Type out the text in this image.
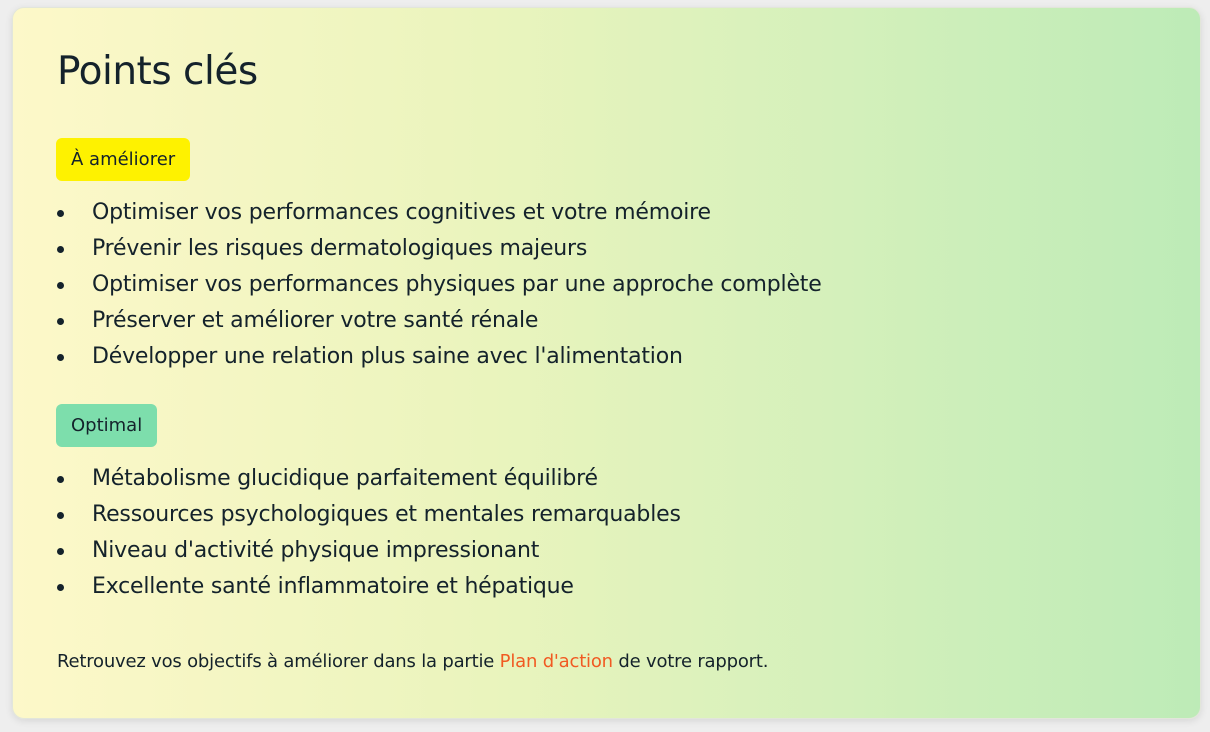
Points clés
À améliorer
Optimiser vos performances cognitives et votre mémoire
Prévenir les risques dermatologiques majeurs
Optimiser vos performances physiques par une approche complète
Préserver et améliorer votre santé rénale
Développer une relation plus saine avec l'alimentation
Optimal
Métabolisme glucidique parfaitement équilibré
Ressources psychologiques et mentales remarquables
Niveau d'activité physique impressionant
Excellente santé inflammatoire et hépatique

Retrouvez vos objectifs à améliorer dans la partie Plan d'action de votre rapport.
